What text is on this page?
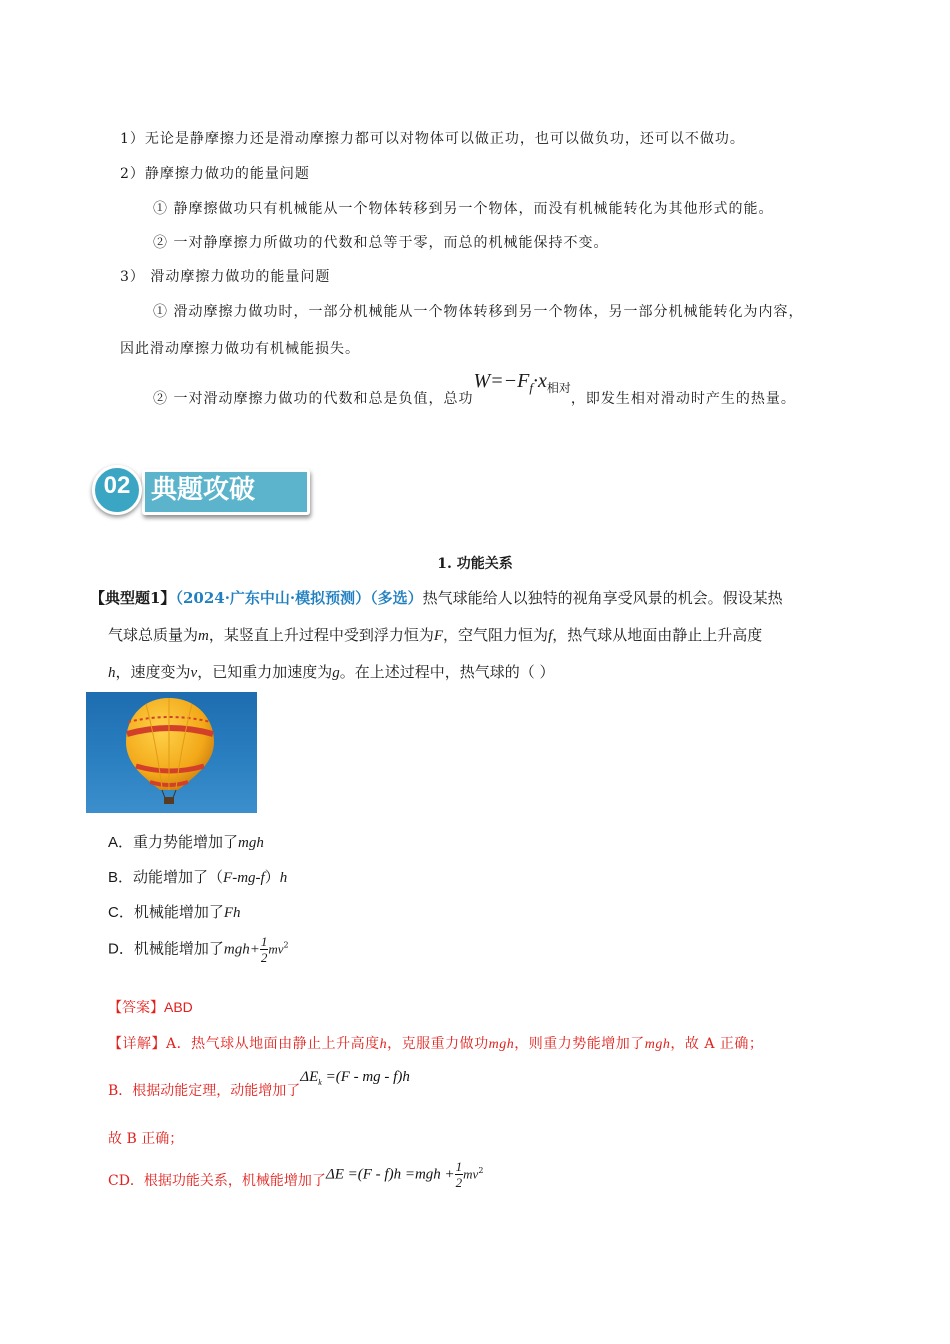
1）无论是静摩擦力还是滑动摩擦力都可以对物体可以做正功，也可以做负功，还可以不做功。
2）静摩擦力做功的能量问题
① 静摩擦做功只有机械能从一个物体转移到另一个物体，而没有机械能转化为其他形式的能。
② 一对静摩擦力所做功的代数和总等于零，而总的机械能保持不变。
3） 滑动摩擦力做功的能量问题
① 滑动摩擦力做功时，一部分机械能从一个物体转移到另一个物体，另一部分机械能转化为内容，
因此滑动摩擦力做功有机械能损失。
② 一对滑动摩擦力做功的代数和总是负值，总功$W=-F_f\cdot x_{相对}$，即发生相对滑动时产生的热量。
02 典题攻破
1. 功能关系
【典型题1】（2024·广东中山·模拟预测）（多选）热气球能给人以独特的视角享受风景的机会。假设某热
气球总质量为m，某竖直上升过程中受到浮力恒为F，空气阻力恒为f，热气球从地面由静止上升高度
h，速度变为v，已知重力加速度为g。在上述过程中，热气球的（ ）
A．重力势能增加了mgh
B．动能增加了（F-mg-f）h
C．机械能增加了Fh
D．机械能增加了$mgh+ \frac{1}{2} mv^2$
【答案】ABD
【详解】A．热气球从地面由静止上升高度h，克服重力做功mgh，则重力势能增加了mgh，故 A 正确；
B．根据动能定理，动能增加了$\Delta E_k =(F$ - mg - f)h
故 B 正确；
CD．根据功能关系，机械能增加了$\Delta E =(F - f)h =mgh + \frac{1}{2} mv^2$
